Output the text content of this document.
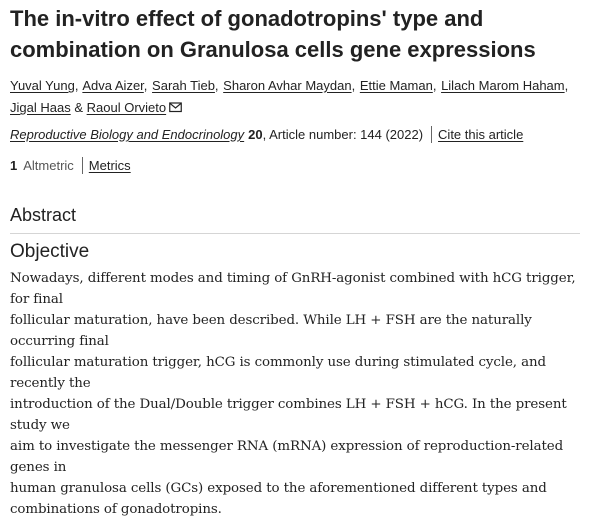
The in-vitro effect of gonadotropins' type and combination on Granulosa cells gene expressions
Yuval Yung, Adva Aizer, Sarah Tieb, Sharon Avhar Maydan, Ettie Maman, Lilach Marom Haham, Jigal Haas & Raoul Orvieto
Reproductive Biology and Endocrinology 20, Article number: 144 (2022) Cite this article
1 Altmetric Metrics
Abstract
Objective

Nowadays, different modes and timing of GnRH-agonist combined with hCG trigger, for final
follicular maturation, have been described. While LH + FSH are the naturally occurring final
follicular maturation trigger, hCG is commonly use during stimulated cycle, and recently the
introduction of the Dual/Double trigger combines LH + FSH + hCG. In the present study we
aim to investigate the messenger RNA (mRNA) expression of reproduction-related genes in
human granulosa cells (GCs) exposed to the aforementioned different types and
combinations of gonadotropins.
